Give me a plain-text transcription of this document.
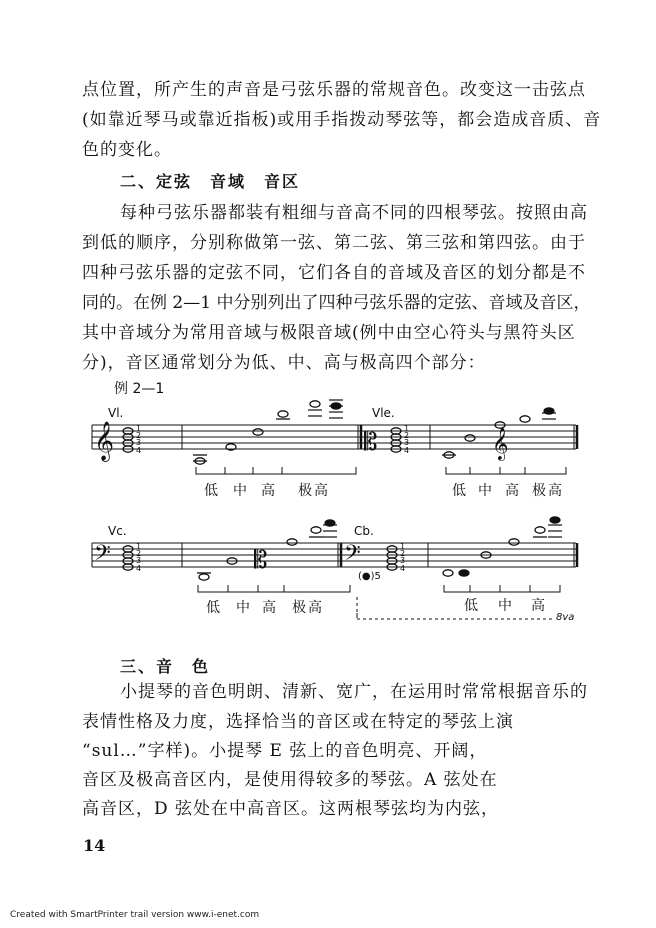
点位置，所产生的声音是弓弦乐器的常规音色。改变这一击弦点
(如靠近琴马或靠近指板)或用手指拨动琴弦等，都会造成音质、音
色的变化。
二、定弦　音域　音区
每种弓弦乐器都装有粗细与音高不同的四根琴弦。按照由高
到低的顺序，分别称做第一弦、第二弦、第三弦和第四弦。由于
四种弓弦乐器的定弦不同，它们各自的音域及音区的划分都是不
同的。在例 2—1 中分别列出了四种弓弦乐器的定弦、音域及音区，
其中音域分为常用音域与极限音域(例中由空心符头与黑符头区
分)，音区通常划分为低、中、高与极高四个部分：
例 2—1
𝄞	𝄡	𝄞
𝄢	𝄡	𝄢
Vl.	Vle.
Vc.	Cb.
1
2
3
4
1
2
3
4
1
2
3
4
1
2
3
4
低 中 高 极高	低 中 高 极高
低 中 高 极高	低 中 高
(●)5
8va
三、音　色
小提琴的音色明朗、清新、宽广，在运用时常常根据音乐的
表情性格及力度，选择恰当的音区或在特定的琴弦上演
“sul…”字样)。小提琴 E 弦上的音色明亮、开阔，
音区及极高音区内，是使用得较多的琴弦。A 弦处在
高音区，D 弦处在中高音区。这两根琴弦均为内弦，
14
Created with SmartPrinter trail version www.i-enet.com
